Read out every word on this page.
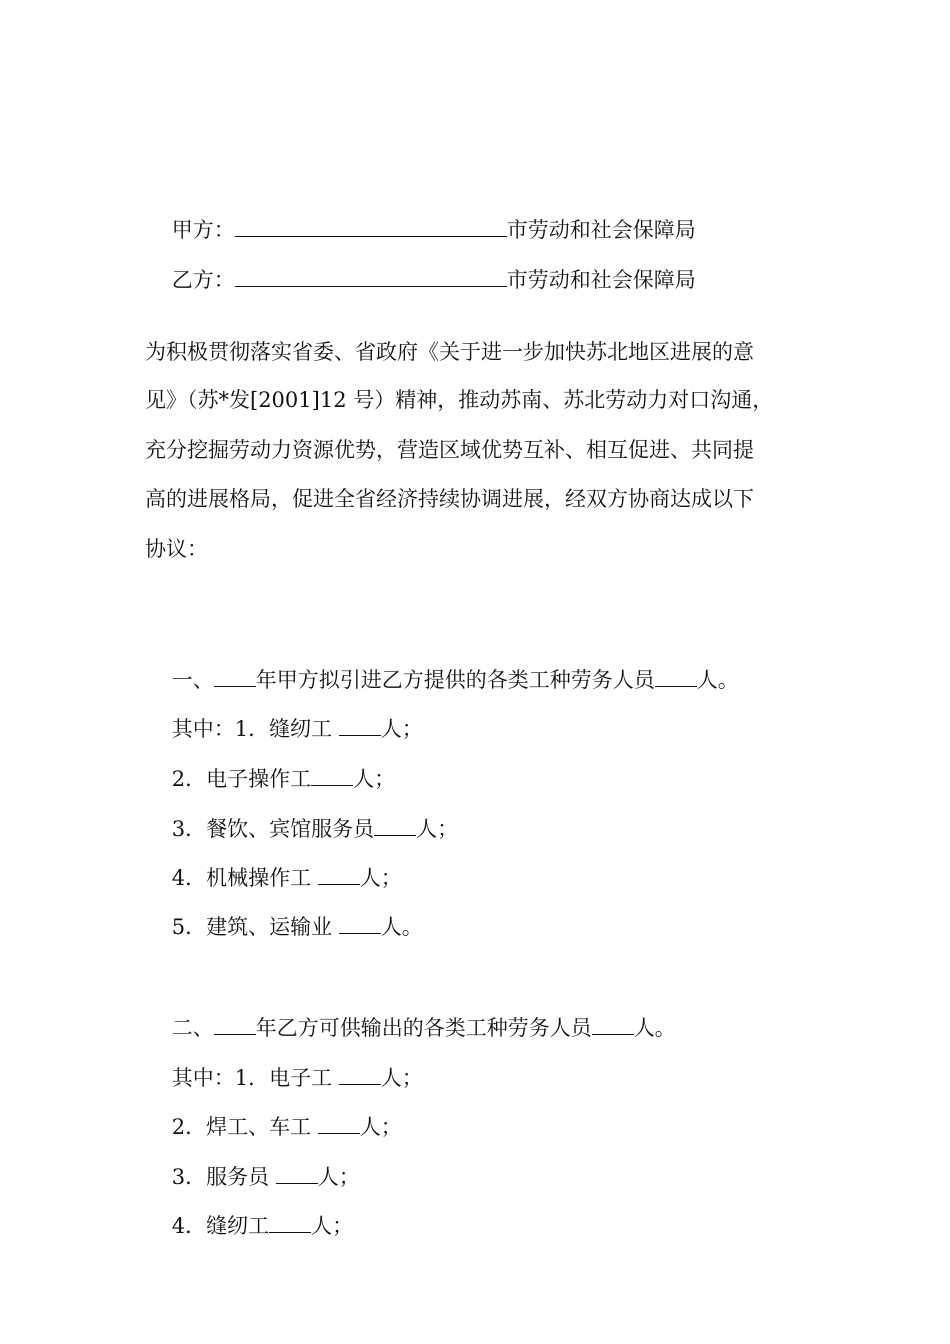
甲方：	市劳动和社会保障局

乙方：	市劳动和社会保障局

为积极贯彻落实省委、省政府《关于进一步加快苏北地区进展的意
见》（苏*发[2001]12 号）精神，推动苏南、苏北劳动力对口沟通，
充分挖掘劳动力资源优势，营造区域优势互补、相互促进、共同提
高的进展格局，促进全省经济持续协调进展，经双方协商达成以下
协议：

一、 年甲方拟引进乙方提供的各类工种劳务人员 人。

其中：1．缝纫工 人；

2．电子操作工 人；

3．餐饮、宾馆服务员 人；

4．机械操作工 人；

5．建筑、运输业 人。

二、 年乙方可供输出的各类工种劳务人员 人。

其中：1．电子工 人；

2．焊工、车工 人；

3．服务员 人；

4．缝纫工 人；
